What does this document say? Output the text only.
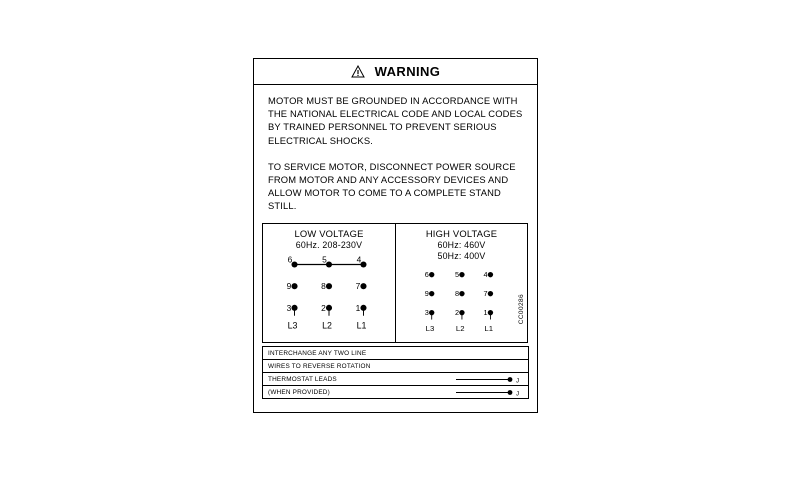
WARNING
MOTOR MUST BE GROUNDED IN ACCORDANCE WITH THE NATIONAL ELECTRICAL CODE AND LOCAL CODES BY TRAINED PERSONNEL TO PREVENT SERIOUS ELECTRICAL SHOCKS.
TO SERVICE MOTOR, DISCONNECT POWER SOURCE FROM MOTOR AND ANY ACCESSORY DEVICES AND ALLOW MOTOR TO COME TO A COMPLETE STAND STILL.
LOW VOLTAGE
60Hz. 208-230V
6	5	4
9	8	7
3	2	1
L3	L2	L1
HIGH VOLTAGE
60Hz: 460V
50Hz: 400V
6	5	4
9	8	7
3	2	1
L3 L2 L1
CC00286
INTERCHANGE ANY TWO LINE
WIRES TO REVERSE ROTATION
THERMOSTAT LEADS	J
(WHEN PROVIDED)	J
